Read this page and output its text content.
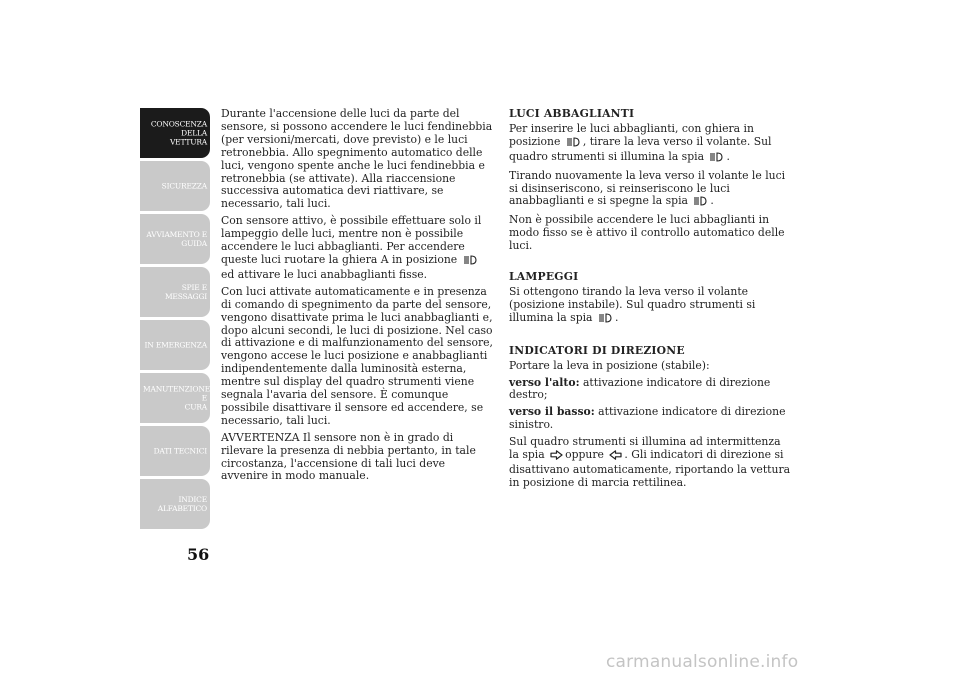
CONOSCENZA
DELLA VETTURA
SICUREZZA
AVVIAMENTO E
GUIDA
SPIE E MESSAGGI
IN EMERGENZA
MANUTENZIONE E
CURA
DATI TECNICI
INDICE
ALFABETICO
56

Durante l'accensione delle luci da parte del sensore, si possono accendere le luci fendinebbia (per versioni/mercati, dove previsto) e le luci retronebbia. Allo spegnimento automatico delle luci, vengono spente anche le luci fendinebbia e retronebbia (se attivate). Alla riaccensione successiva automatica devi riattivare, se necessario, tali luci.

Con sensore attivo, è possibile effettuare solo il lampeggio delle luci, mentre non è possibile accendere le luci abbaglianti. Per accendere queste luci ruotare la ghiera A in posizione  ed attivare le luci anabbaglianti fisse.

Con luci attivate automaticamente e in presenza di comando di spegnimento da parte del sensore, vengono disattivate prima le luci anabbaglianti e, dopo alcuni secondi, le luci di posizione. Nel caso di attivazione e di malfunzionamento del sensore, vengono accese le luci posizione e anabbaglianti indipendentemente dalla luminosità esterna, mentre sul display del quadro strumenti viene segnala l'avaria del sensore. È comunque possibile disattivare il sensore ed accendere, se necessario, tali luci.

AVVERTENZA Il sensore non è in grado di rilevare la presenza di nebbia pertanto, in tale circostanza, l'accensione di tali luci deve avvenire in modo manuale.

LUCI ABBAGLIANTI

Per inserire le luci abbaglianti, con ghiera in posizione , tirare la leva verso il volante. Sul quadro strumenti si illumina la spia .

Tirando nuovamente la leva verso il volante le luci si disinseriscono, si reinseriscono le luci anabbaglianti e si spegne la spia .

Non è possibile accendere le luci abbaglianti in modo fisso se è attivo il controllo automatico delle luci.

LAMPEGGI

Si ottengono tirando la leva verso il volante (posizione instabile). Sul quadro strumenti si illumina la spia .

INDICATORI DI DIREZIONE

Portare la leva in posizione (stabile):

verso l'alto: attivazione indicatore di direzione destro;

verso il basso: attivazione indicatore di direzione sinistro.

Sul quadro strumenti si illumina ad intermittenza la spia oppure . Gli indicatori di direzione si disattivano automaticamente, riportando la vettura in posizione di marcia rettilinea.

carmanualsonline.info
